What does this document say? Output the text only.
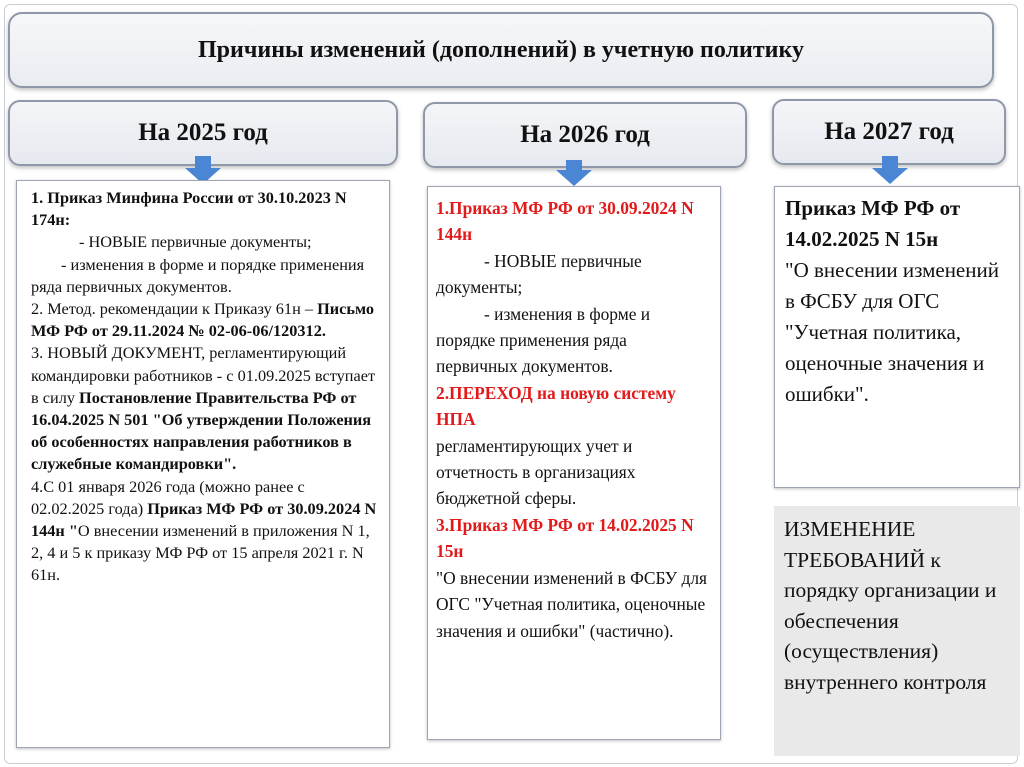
Причины изменений (дополнений) в учетную политику
На 2025 год	На 2026 год	На 2027 год

1. Приказ Минфина России от 30.10.2023 N 174н:

- НОВЫЕ первичные документы;

- изменения в форме и порядке применения ряда первичных документов.

2. Метод. рекомендации к Приказу 61н – Письмо МФ РФ от 29.11.2024 № 02-06-06/120312.

3. НОВЫЙ ДОКУМЕНТ, регламентирующий командировки работников - с 01.09.2025 вступает в силу Постановление Правительства РФ от 16.04.2025 N 501 "Об утверждении Положения об особенностях направления работников в служебные командировки".

4.С 01 января 2026 года (можно ранее с 02.02.2025 года) Приказ МФ РФ от 30.09.2024 N 144н "О внесении изменений в приложения N 1, 2, 4 и 5 к приказу МФ РФ от 15 апреля 2021 г. N 61н.

1.Приказ МФ РФ от 30.09.2024 N 144н

- НОВЫЕ первичные документы;

- изменения в форме и порядке применения ряда первичных документов.

2.ПЕРЕХОД на новую систему НПА

регламентирующих учет и отчетность в организациях бюджетной сферы.

3.Приказ МФ РФ от 14.02.2025 N 15н

"О внесении изменений в ФСБУ для ОГС "Учетная политика, оценочные значения и ошибки" (частично).

Приказ МФ РФ от 14.02.2025 N 15н

"О внесении изменений в ФСБУ для ОГС "Учетная политика, оценочные значения и ошибки".

ИЗМЕНЕНИЕ ТРЕБОВАНИЙ к порядку организации и обеспечения (осуществления) внутреннего контроля
